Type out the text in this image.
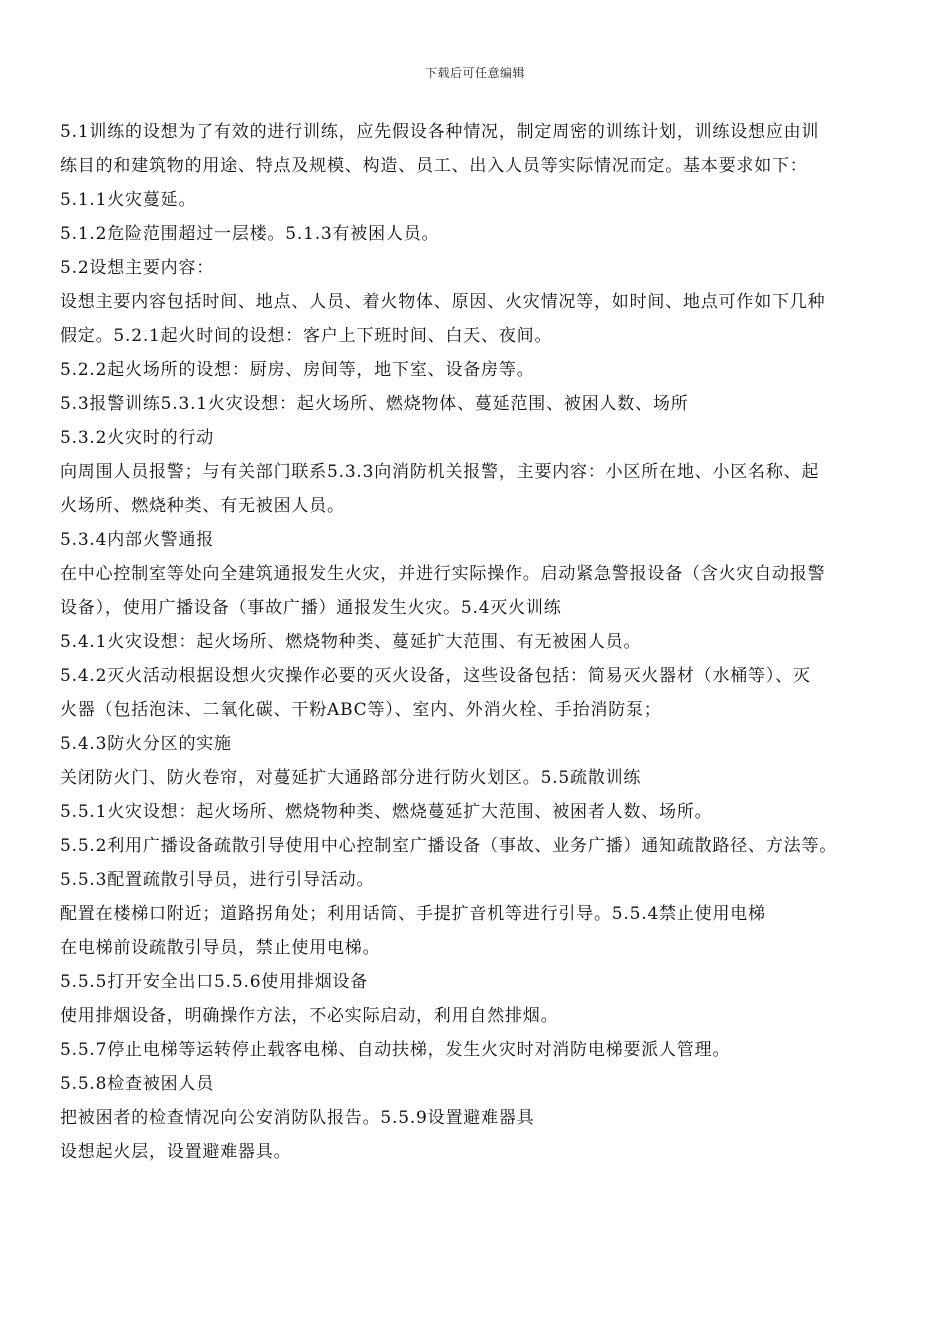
下载后可任意编辑
5.1训练的设想为了有效的进行训练，应先假设各种情况，制定周密的训练计划，训练设想应由训
练目的和建筑物的用途、特点及规模、构造、员工、出入人员等实际情况而定。基本要求如下：
5.1.1火灾蔓延。
5.1.2危险范围超过一层楼。5.1.3有被困人员。
5.2设想主要内容：
设想主要内容包括时间、地点、人员、着火物体、原因、火灾情况等，如时间、地点可作如下几种
假定。5.2.1起火时间的设想：客户上下班时间、白天、夜间。
5.2.2起火场所的设想：厨房、房间等，地下室、设备房等。
5.3报警训练5.3.1火灾设想：起火场所、燃烧物体、蔓延范围、被困人数、场所
5.3.2火灾时的行动
向周围人员报警；与有关部门联系5.3.3向消防机关报警，主要内容：小区所在地、小区名称、起
火场所、燃烧种类、有无被困人员。
5.3.4内部火警通报
在中心控制室等处向全建筑通报发生火灾，并进行实际操作。启动紧急警报设备（含火灾自动报警
设备），使用广播设备（事故广播）通报发生火灾。5.4灭火训练
5.4.1火灾设想：起火场所、燃烧物种类、蔓延扩大范围、有无被困人员。
5.4.2灭火活动根据设想火灾操作必要的灭火设备，这些设备包括：简易灭火器材（水桶等）、灭
火器（包括泡沫、二氧化碳、干粉ABC等）、室内、外消火栓、手抬消防泵；
5.4.3防火分区的实施
关闭防火门、防火卷帘，对蔓延扩大通路部分进行防火划区。5.5疏散训练
5.5.1火灾设想：起火场所、燃烧物种类、燃烧蔓延扩大范围、被困者人数、场所。
5.5.2利用广播设备疏散引导使用中心控制室广播设备（事故、业务广播）通知疏散路径、方法等。
5.5.3配置疏散引导员，进行引导活动。
配置在楼梯口附近；道路拐角处；利用话筒、手提扩音机等进行引导。5.5.4禁止使用电梯
在电梯前设疏散引导员，禁止使用电梯。
5.5.5打开安全出口5.5.6使用排烟设备
使用排烟设备，明确操作方法，不必实际启动，利用自然排烟。
5.5.7停止电梯等运转停止载客电梯、自动扶梯，发生火灾时对消防电梯要派人管理。
5.5.8检查被困人员
把被困者的检查情况向公安消防队报告。5.5.9设置避难器具
设想起火层，设置避难器具。
